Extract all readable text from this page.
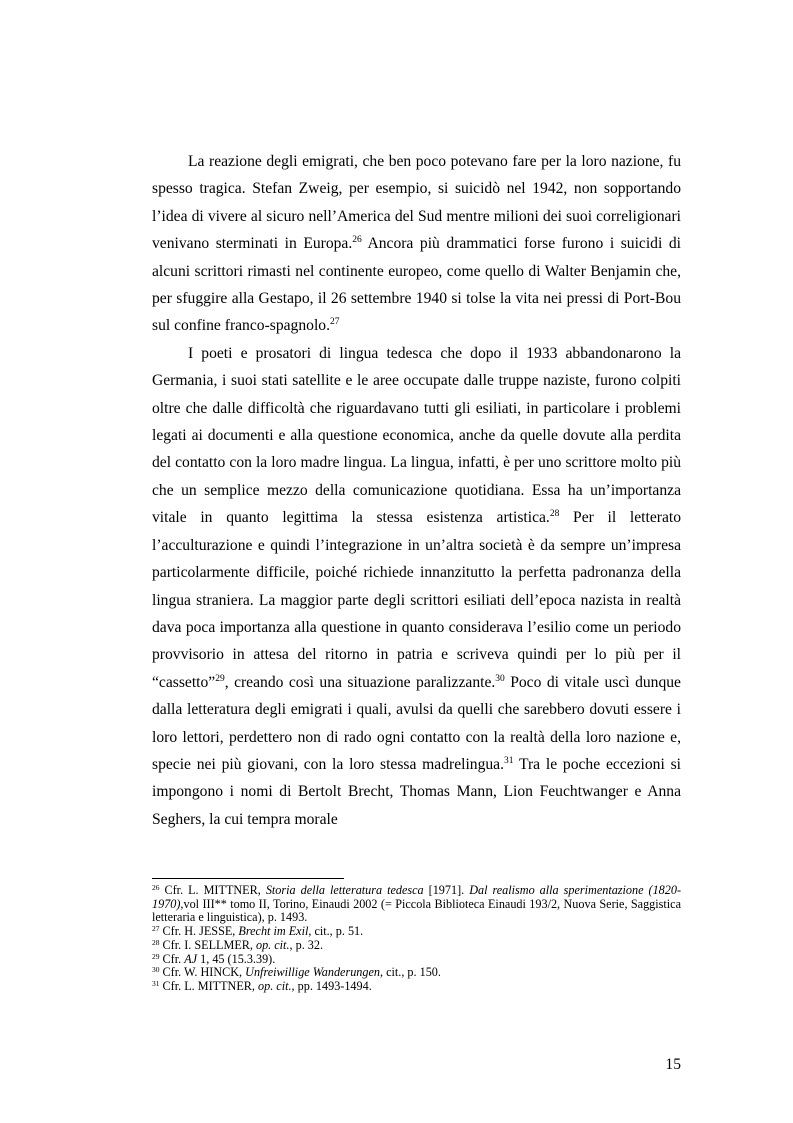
La reazione degli emigrati, che ben poco potevano fare per la loro nazione, fu spesso tragica. Stefan Zweig, per esempio, si suicidò nel 1942, non sopportando l’idea di vivere al sicuro nell’America del Sud mentre milioni dei suoi correligionari venivano sterminati in Europa.$^{26}$ Ancora più drammatici forse furono i suicidi di alcuni scrittori rimasti nel continente europeo, come quello di Walter Benjamin che, per sfuggire alla Gestapo, il 26 settembre 1940 si tolse la vita nei pressi di Port-Bou sul confine franco-spagnolo.$^{27}$

I poeti e prosatori di lingua tedesca che dopo il 1933 abbandonarono la Germania, i suoi stati satellite e le aree occupate dalle truppe naziste, furono colpiti oltre che dalle difficoltà che riguardavano tutti gli esiliati, in particolare i problemi legati ai documenti e alla questione economica, anche da quelle dovute alla perdita del contatto con la loro madre lingua. La lingua, infatti, è per uno scrittore molto più che un semplice mezzo della comunicazione quotidiana. Essa ha un’importanza vitale in quanto legittima la stessa esistenza artistica.$^{28}$ Per il letterato l’acculturazione e quindi l’integrazione in un’altra società è da sempre un’impresa particolarmente difficile, poiché richiede innanzitutto la perfetta padronanza della lingua straniera. La maggior parte degli scrittori esiliati dell’epoca nazista in realtà dava poca importanza alla questione in quanto considerava l’esilio come un periodo provvisorio in attesa del ritorno in patria e scriveva quindi per lo più per il “cassetto”$^{29}$, creando così una situazione paralizzante.$^{30}$ Poco di vitale uscì dunque dalla letteratura degli emigrati i quali, avulsi da quelli che sarebbero dovuti essere i loro lettori, perdettero non di rado ogni contatto con la realtà della loro nazione e, specie nei più giovani, con la loro stessa madrelingua.$^{31}$ Tra le poche eccezioni si impongono i nomi di Bertolt Brecht, Thomas Mann, Lion Feuchtwanger e Anna Seghers, la cui tempra morale

$^{26}$ Cfr. L. MITTNER, Storia della letteratura tedesca [1971]. Dal realismo alla sperimentazione (1820-1970),vol III** tomo II, Torino, Einaudi 2002 (= Piccola Biblioteca Einaudi 193/2, Nuova Serie, Saggistica letteraria e linguistica), p. 1493.
$^{27}$ Cfr. H. JESSE, Brecht im Exil, cit., p. 51.
$^{28}$ Cfr. I. SELLMER, op. cit., p. 32.
$^{29}$ Cfr. AJ 1, 45 (15.3.39).
$^{30}$ Cfr. W. HINCK, Unfreiwillige Wanderungen, cit., p. 150.
$^{31}$ Cfr. L. MITTNER, op. cit., pp. 1493-1494.
15
